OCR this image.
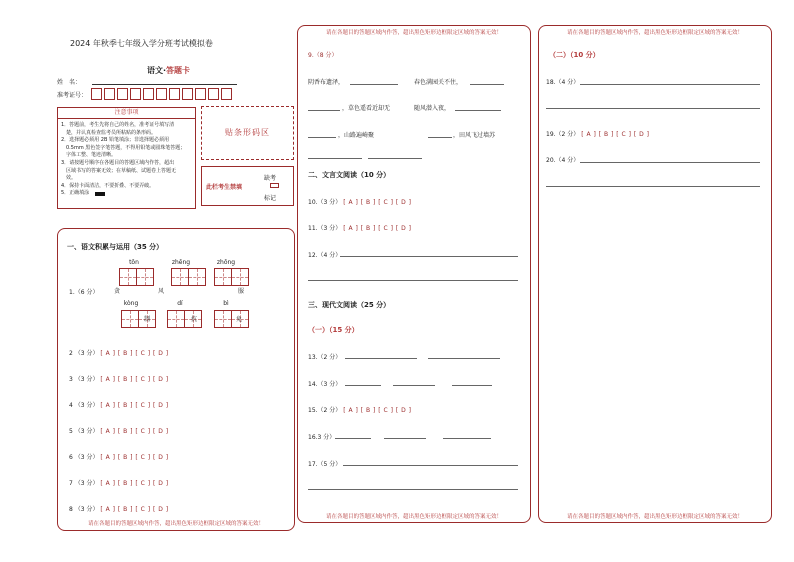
2024 年秋季七年级入学分班考试模拟卷
语文·答题卡
姓　名：
准考证号：
注意事项
1．答题前，考生先将自己的姓名，准考证号填写清
　楚，并认真检查监考员所粘贴的条形码。
2．选择题必须用 2B 铅笔填涂；非选择题必须用
　0.5mm 黑色签字笔答题，不得用铅笔或圆珠笔答题；
　字体工整、笔迹清晰。
3．请按题号顺序在各题目的答题区域内作答，超出
　区域书写的答案无效；在草稿纸、试题卷上答题无
　效。
4．保持卡面清洁，不要折叠、不要弄破。
5．正确填涂
贴条形码区
此栏考生禁填
缺考
标记
一、语文积累与运用（35 分）
tōn	zhēng	zhōng
1.（6 分）	贪	风	服
kòng	dí	bì
制	抗	免
2 （3 分） [ A ] [ B ] [ C ] [ D ]
3 （3 分） [ A ] [ B ] [ C ] [ D ]
4 （3 分） [ A ] [ B ] [ C ] [ D ]
5 （3 分） [ A ] [ B ] [ C ] [ D ]
6 （3 分） [ A ] [ B ] [ C ] [ D ]
7 （3 分） [ A ] [ B ] [ C ] [ D ]
8 （3 分） [ A ] [ B ] [ C ] [ D ]
请在各题目的答题区域内作答，超出黑色矩形边框限定区域的答案无效！
请在各题目的答题区域内作答，超出黑色矩形边框限定区域的答案无效！
请在各题目的答题区域内作答，超出黑色矩形边框限定区域的答案无效！
9.（8 分）
阴香布遗泽，	春色满园关不住，
，草色遥看近却无	随风潜入夜，
，山路遍崎聚	，田风飞过墙苏
二、文言文阅读（10 分）
10.（3 分） [ A ] [ B ] [ C ] [ D ]
11.（3 分） [ A ] [ B ] [ C ] [ D ]
12.（4 分）
三、现代文阅读（25 分）
（一）（15 分）
13.（2 分）
14.（3 分）
15.（2 分） [ A ] [ B ] [ C ] [ D ]
16.3 分）
17.（5 分）
请在各题目的答题区域内作答，超出黑色矩形边框限定区域的答案无效！
请在各题目的答题区域内作答，超出黑色矩形边框限定区域的答案无效！
（二）（10 分）
18.（4 分）
19.（2 分） [ A ] [ B ] [ C ] [ D ]
20.（4 分）
